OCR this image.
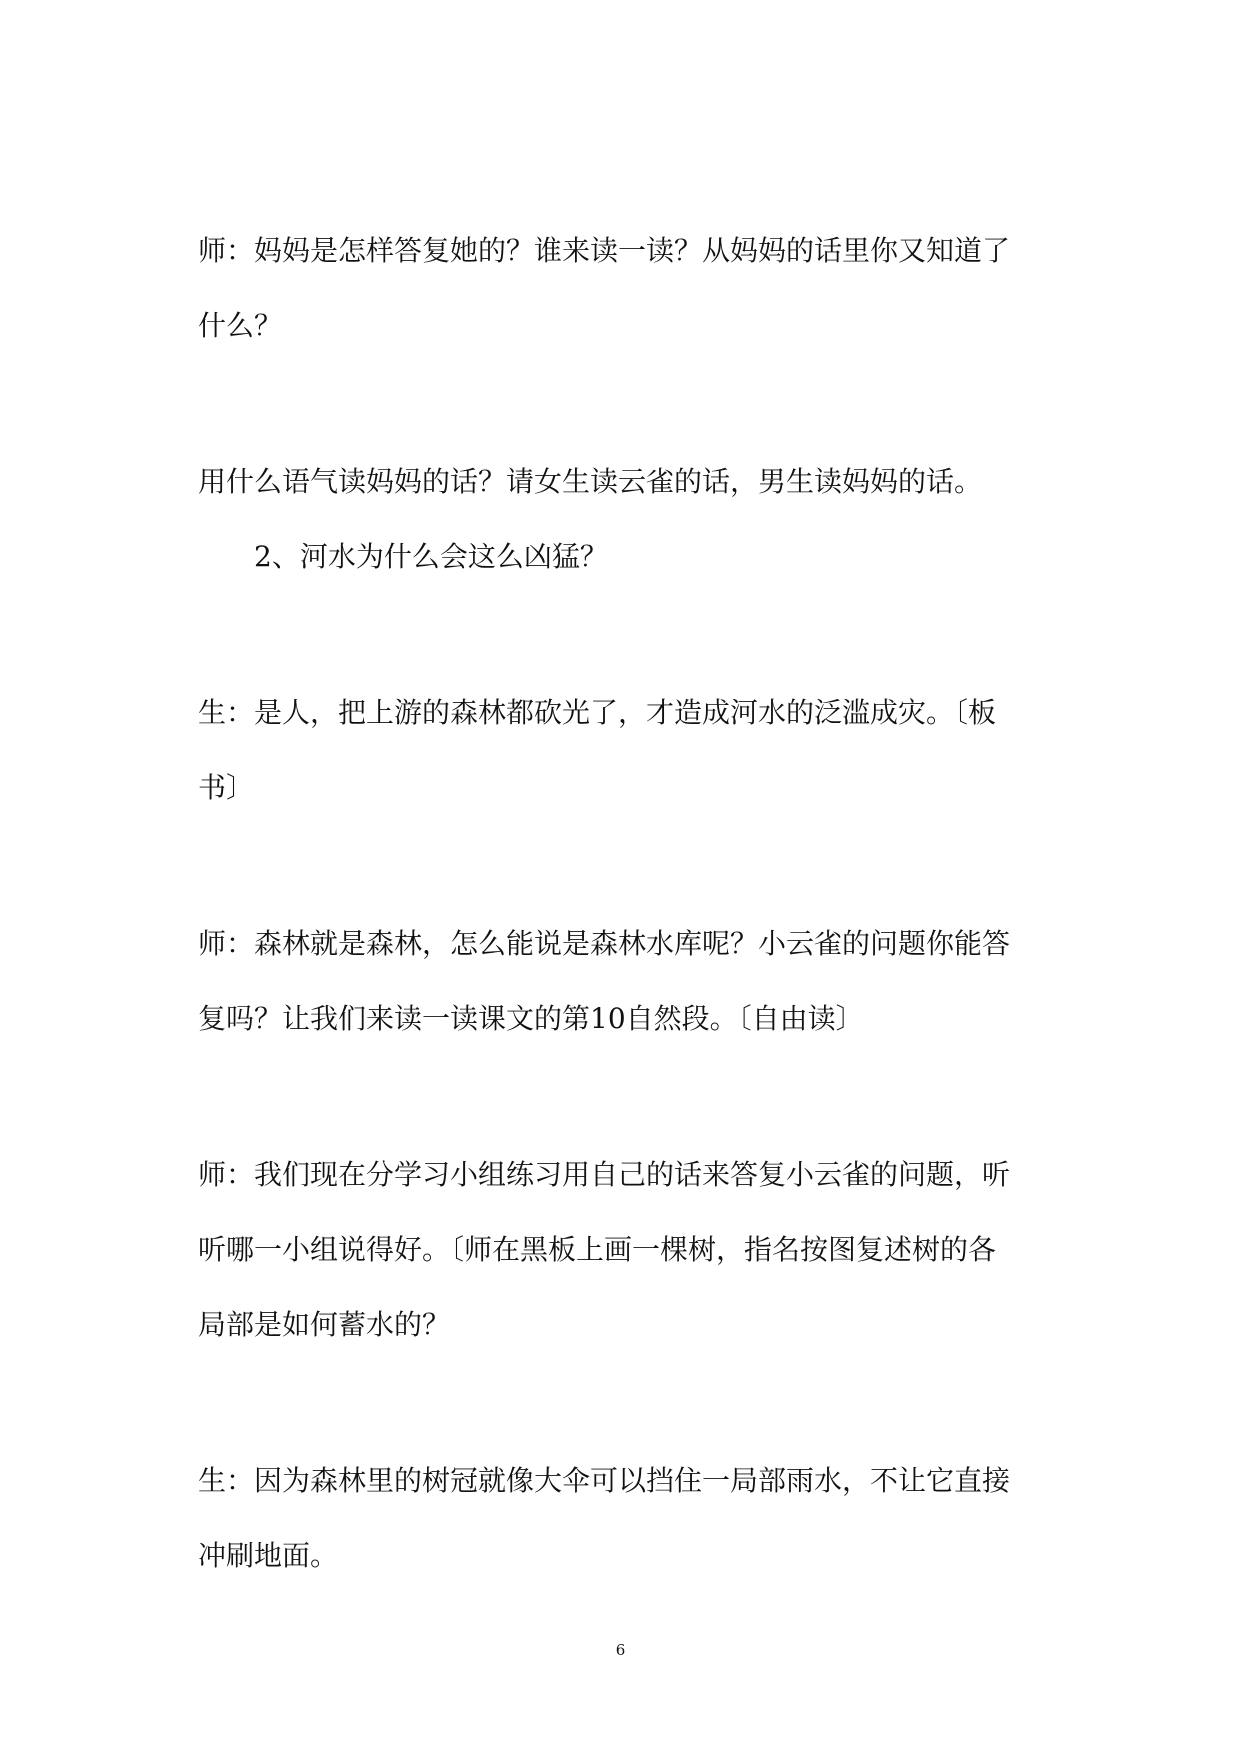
师：妈妈是怎样答复她的？谁来读一读？从妈妈的话里你又知道了
什么？
用什么语气读妈妈的话？请女生读云雀的话，男生读妈妈的话。
2、河水为什么会这么凶猛？
生：是人，把上游的森林都砍光了，才造成河水的泛滥成灾。〔板
书〕
师：森林就是森林，怎么能说是森林水库呢？小云雀的问题你能答
复吗？让我们来读一读课文的第10自然段。〔自由读〕
师：我们现在分学习小组练习用自己的话来答复小云雀的问题，听
听哪一小组说得好。〔师在黑板上画一棵树，指名按图复述树的各
局部是如何蓄水的？
生：因为森林里的树冠就像大伞可以挡住一局部雨水，不让它直接
冲刷地面。
6
